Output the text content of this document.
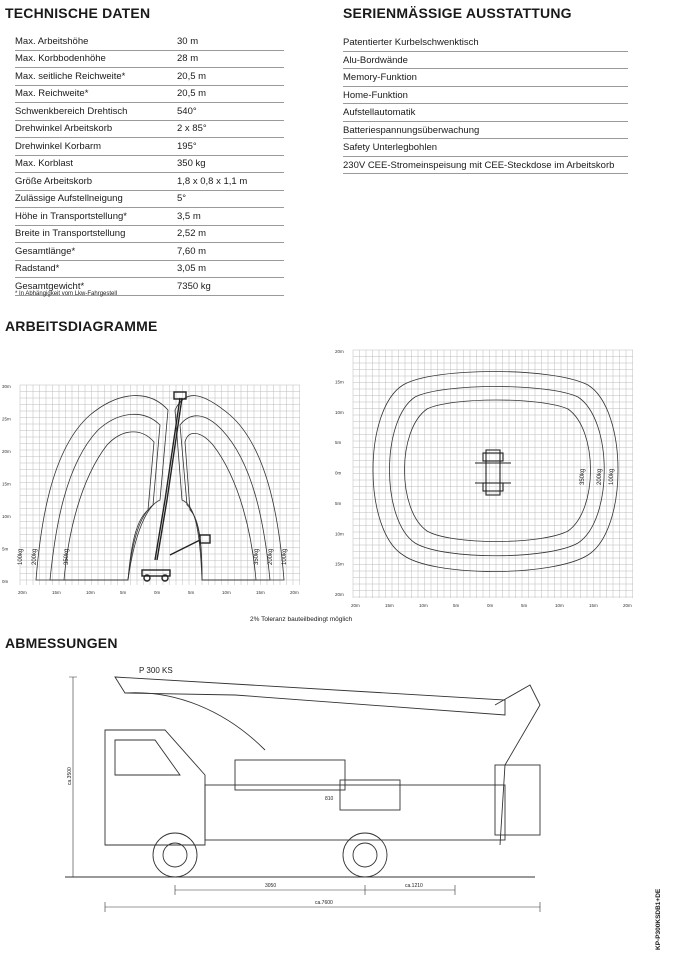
TECHNISCHE DATEN	SERIENMÄSSIGE AUSSTATTUNG
Max. Arbeitshöhe	30 m
Max. Korbbodenhöhe	28 m
Max. seitliche Reichweite*	20,5 m
Max. Reichweite*	20,5 m
Schwenkbereich Drehtisch	540°
Drehwinkel Arbeitskorb	2 x 85°
Drehwinkel Korbarm	195°
Max. Korblast	350 kg
Größe Arbeitskorb	1,8 x 0,8 x 1,1 m
Zulässige Aufstellneigung	5°
Höhe in Transportstellung*	3,5 m
Breite in Transportstellung	2,52 m
Gesamtlänge*	7,60 m
Radstand*	3,05 m
Gesamtgewicht*	7350 kg
* In Abhängigkeit vom Lkw-Fahrgestell
Patentierter Kurbelschwenktisch
Alu-Bordwände
Memory-Funktion
Home-Funktion
Aufstellautomatik
Batteriespannungsüberwachung
Safety Unterlegbohlen
230V CEE-Stromeinspeisung mit CEE-Steckdose im Arbeitskorb
ARBEITSDIAGRAMME
30m
25m
20m
15m
10m
5m
0m
20m	15m	10m	5m	0m	5m	10m	15m	20m
100kg 200kg	350kg	350kg 200kg 100kg
20m
15m
10m
5m
0m
5m
10m
15m
20m
20m	15m	10m	5m	0m	5m	10m	15m	20m
350kg 200kg 100kg
2% Toleranz bauteilbedingt möglich
ABMESSUNGEN
P 300 KS
ca.3500
3050	ca.1210
ca.7600
810
KP-P300KSDB1+DE
